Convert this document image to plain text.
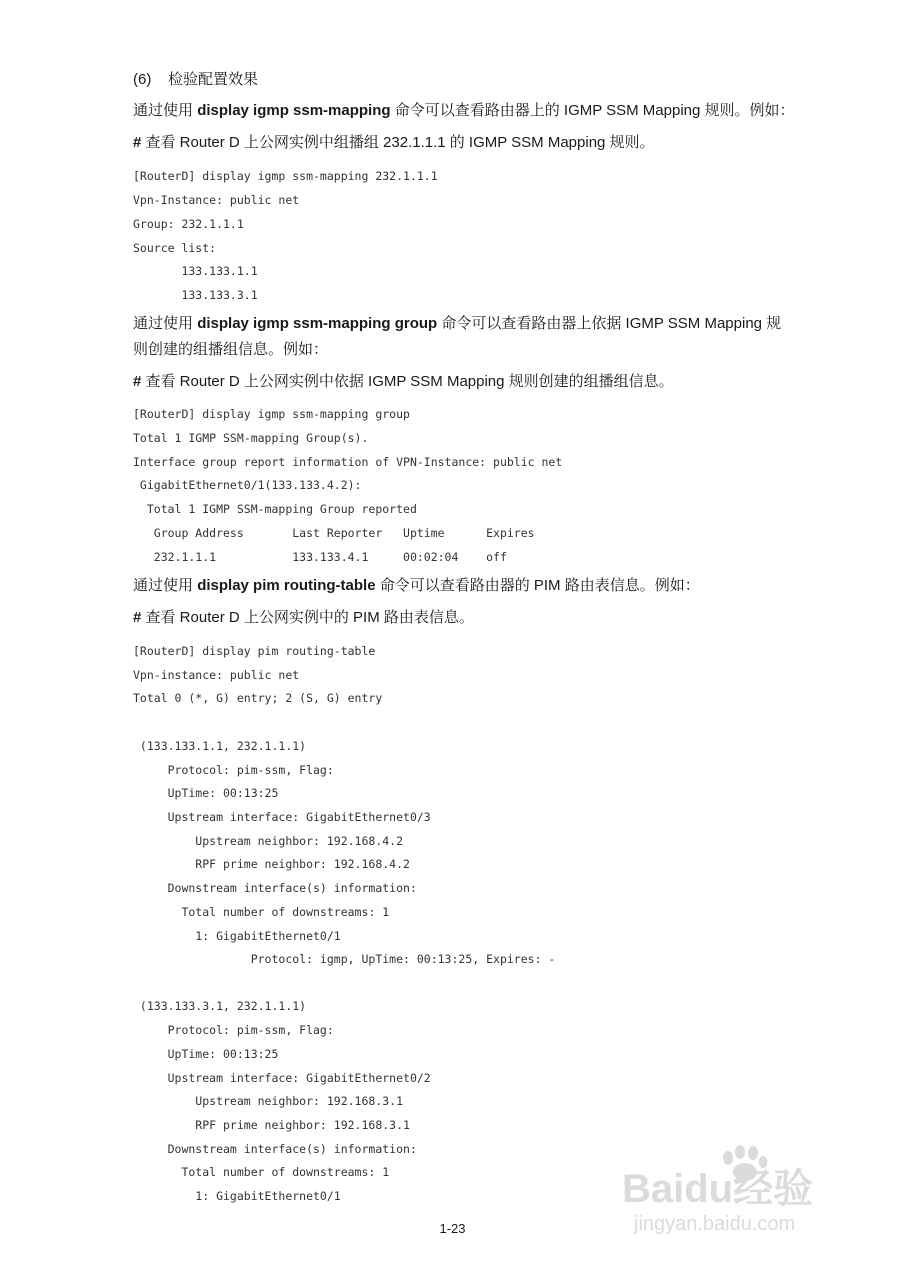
(6) 检验配置效果
通过使用 display igmp ssm-mapping 命令可以查看路由器上的 IGMP SSM Mapping 规则。例如：
# 查看 Router D 上公网实例中组播组 232.1.1.1 的 IGMP SSM Mapping 规则。
[RouterD] display igmp ssm-mapping 232.1.1.1
Vpn-Instance: public net
Group: 232.1.1.1
Source list:
133.133.1.1
133.133.3.1
通过使用 display igmp ssm-mapping group 命令可以查看路由器上依据 IGMP SSM Mapping 规
则创建的组播组信息。例如：
# 查看 Router D 上公网实例中依据 IGMP SSM Mapping 规则创建的组播组信息。
[RouterD] display igmp ssm-mapping group
Total 1 IGMP SSM-mapping Group(s).
Interface group report information of VPN-Instance: public net
GigabitEthernet0/1(133.133.4.2):
Total 1 IGMP SSM-mapping Group reported
Group Address       Last Reporter   Uptime      Expires
232.1.1.1           133.133.4.1     00:02:04    off
通过使用 display pim routing-table 命令可以查看路由器的 PIM 路由表信息。例如：
# 查看 Router D 上公网实例中的 PIM 路由表信息。
[RouterD] display pim routing-table
Vpn-instance: public net
Total 0 (*, G) entry; 2 (S, G) entry
(133.133.1.1, 232.1.1.1)
Protocol: pim-ssm, Flag:
UpTime: 00:13:25
Upstream interface: GigabitEthernet0/3
Upstream neighbor: 192.168.4.2
RPF prime neighbor: 192.168.4.2
Downstream interface(s) information:
Total number of downstreams: 1
1: GigabitEthernet0/1
Protocol: igmp, UpTime: 00:13:25, Expires: -
(133.133.3.1, 232.1.1.1)
Protocol: pim-ssm, Flag:
UpTime: 00:13:25
Upstream interface: GigabitEthernet0/2
Upstream neighbor: 192.168.3.1
RPF prime neighbor: 192.168.3.1
Downstream interface(s) information:
Total number of downstreams: 1
1: GigabitEthernet0/1
1-23
Baidu经验
jingyan.baidu.com
